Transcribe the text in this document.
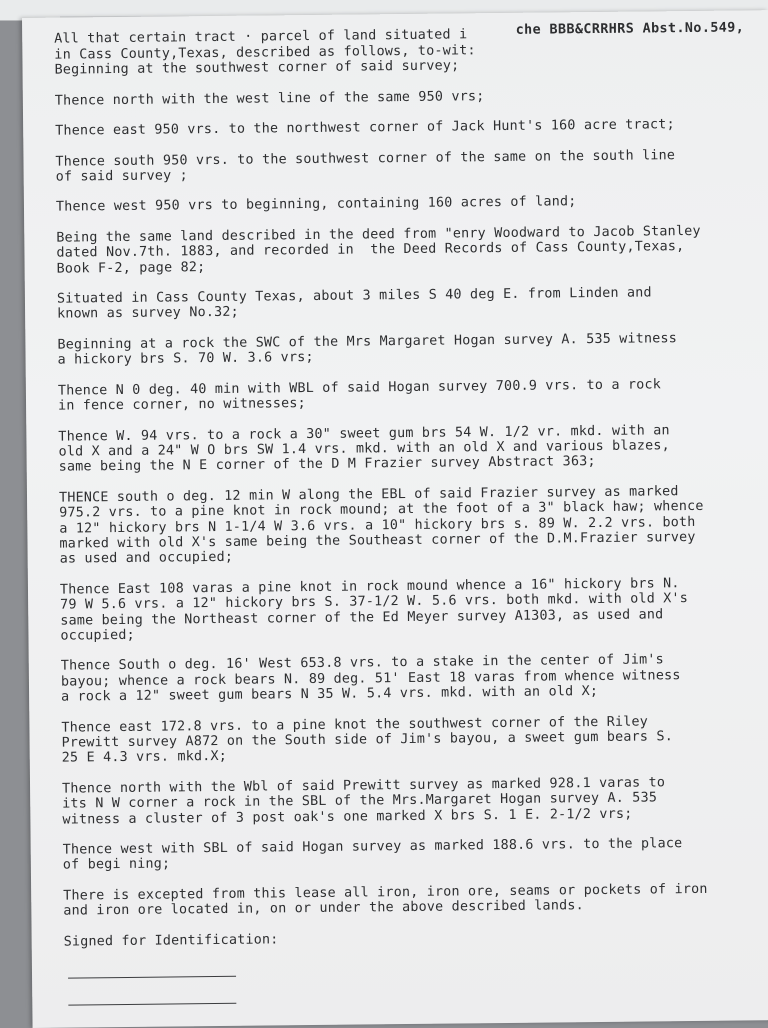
All that certain tract · parcel of land situated i	che BBB&CRRHRS Abst.No.549,
in Cass County,Texas, described as follows, to-wit:
Beginning at the southwest corner of said survey;
Thence north with the west line of the same 950 vrs;
Thence east 950 vrs. to the northwest corner of Jack Hunt's 160 acre tract;
Thence south 950 vrs. to the southwest corner of the same on the south line
of said survey ;
Thence west 950 vrs to beginning, containing 160 acres of land;
Being the same land described in the deed from "enry Woodward to Jacob Stanley
dated Nov.7th. 1883, and recorded in  the Deed Records of Cass County,Texas,
Book F-2, page 82;
Situated in Cass County Texas, about 3 miles S 40 deg E. from Linden and
known as survey No.32;
Beginning at a rock the SWC of the Mrs Margaret Hogan survey A. 535 witness
a hickory brs S. 70 W. 3.6 vrs;
Thence N 0 deg. 40 min with WBL of said Hogan survey 700.9 vrs. to a rock
in fence corner, no witnesses;
Thence W. 94 vrs. to a rock a 30" sweet gum brs 54 W. 1/2 vr. mkd. with an
old X and a 24" W O brs SW 1.4 vrs. mkd. with an old X and various blazes,
same being the N E corner of the D M Frazier survey Abstract 363;
THENCE south o deg. 12 min W along the EBL of said Frazier survey as marked
975.2 vrs. to a pine knot in rock mound; at the foot of a 3" black haw; whence
a 12" hickory brs N 1-1/4 W 3.6 vrs. a 10" hickory brs s. 89 W. 2.2 vrs. both
marked with old X's same being the Southeast corner of the D.M.Frazier survey
as used and occupied;
Thence East 108 varas a pine knot in rock mound whence a 16" hickory brs N.
79 W 5.6 vrs. a 12" hickory brs S. 37-1/2 W. 5.6 vrs. both mkd. with old X's
same being the Northeast corner of the Ed Meyer survey A1303, as used and
occupied;
Thence South o deg. 16' West 653.8 vrs. to a stake in the center of Jim's
bayou; whence a rock bears N. 89 deg. 51' East 18 varas from whence witness
a rock a 12" sweet gum bears N 35 W. 5.4 vrs. mkd. with an old X;
Thence east 172.8 vrs. to a pine knot the southwest corner of the Riley
Prewitt survey A872 on the South side of Jim's bayou, a sweet gum bears S.
25 E 4.3 vrs. mkd.X;
Thence north with the Wbl of said Prewitt survey as marked 928.1 varas to
its N W corner a rock in the SBL of the Mrs.Margaret Hogan survey A. 535
witness a cluster of 3 post oak's one marked X brs S. 1 E. 2-1/2 vrs;
Thence west with SBL of said Hogan survey as marked 188.6 vrs. to the place
of begi ning;
There is excepted from this lease all iron, iron ore, seams or pockets of iron
and iron ore located in, on or under the above described lands.
Signed for Identification:
